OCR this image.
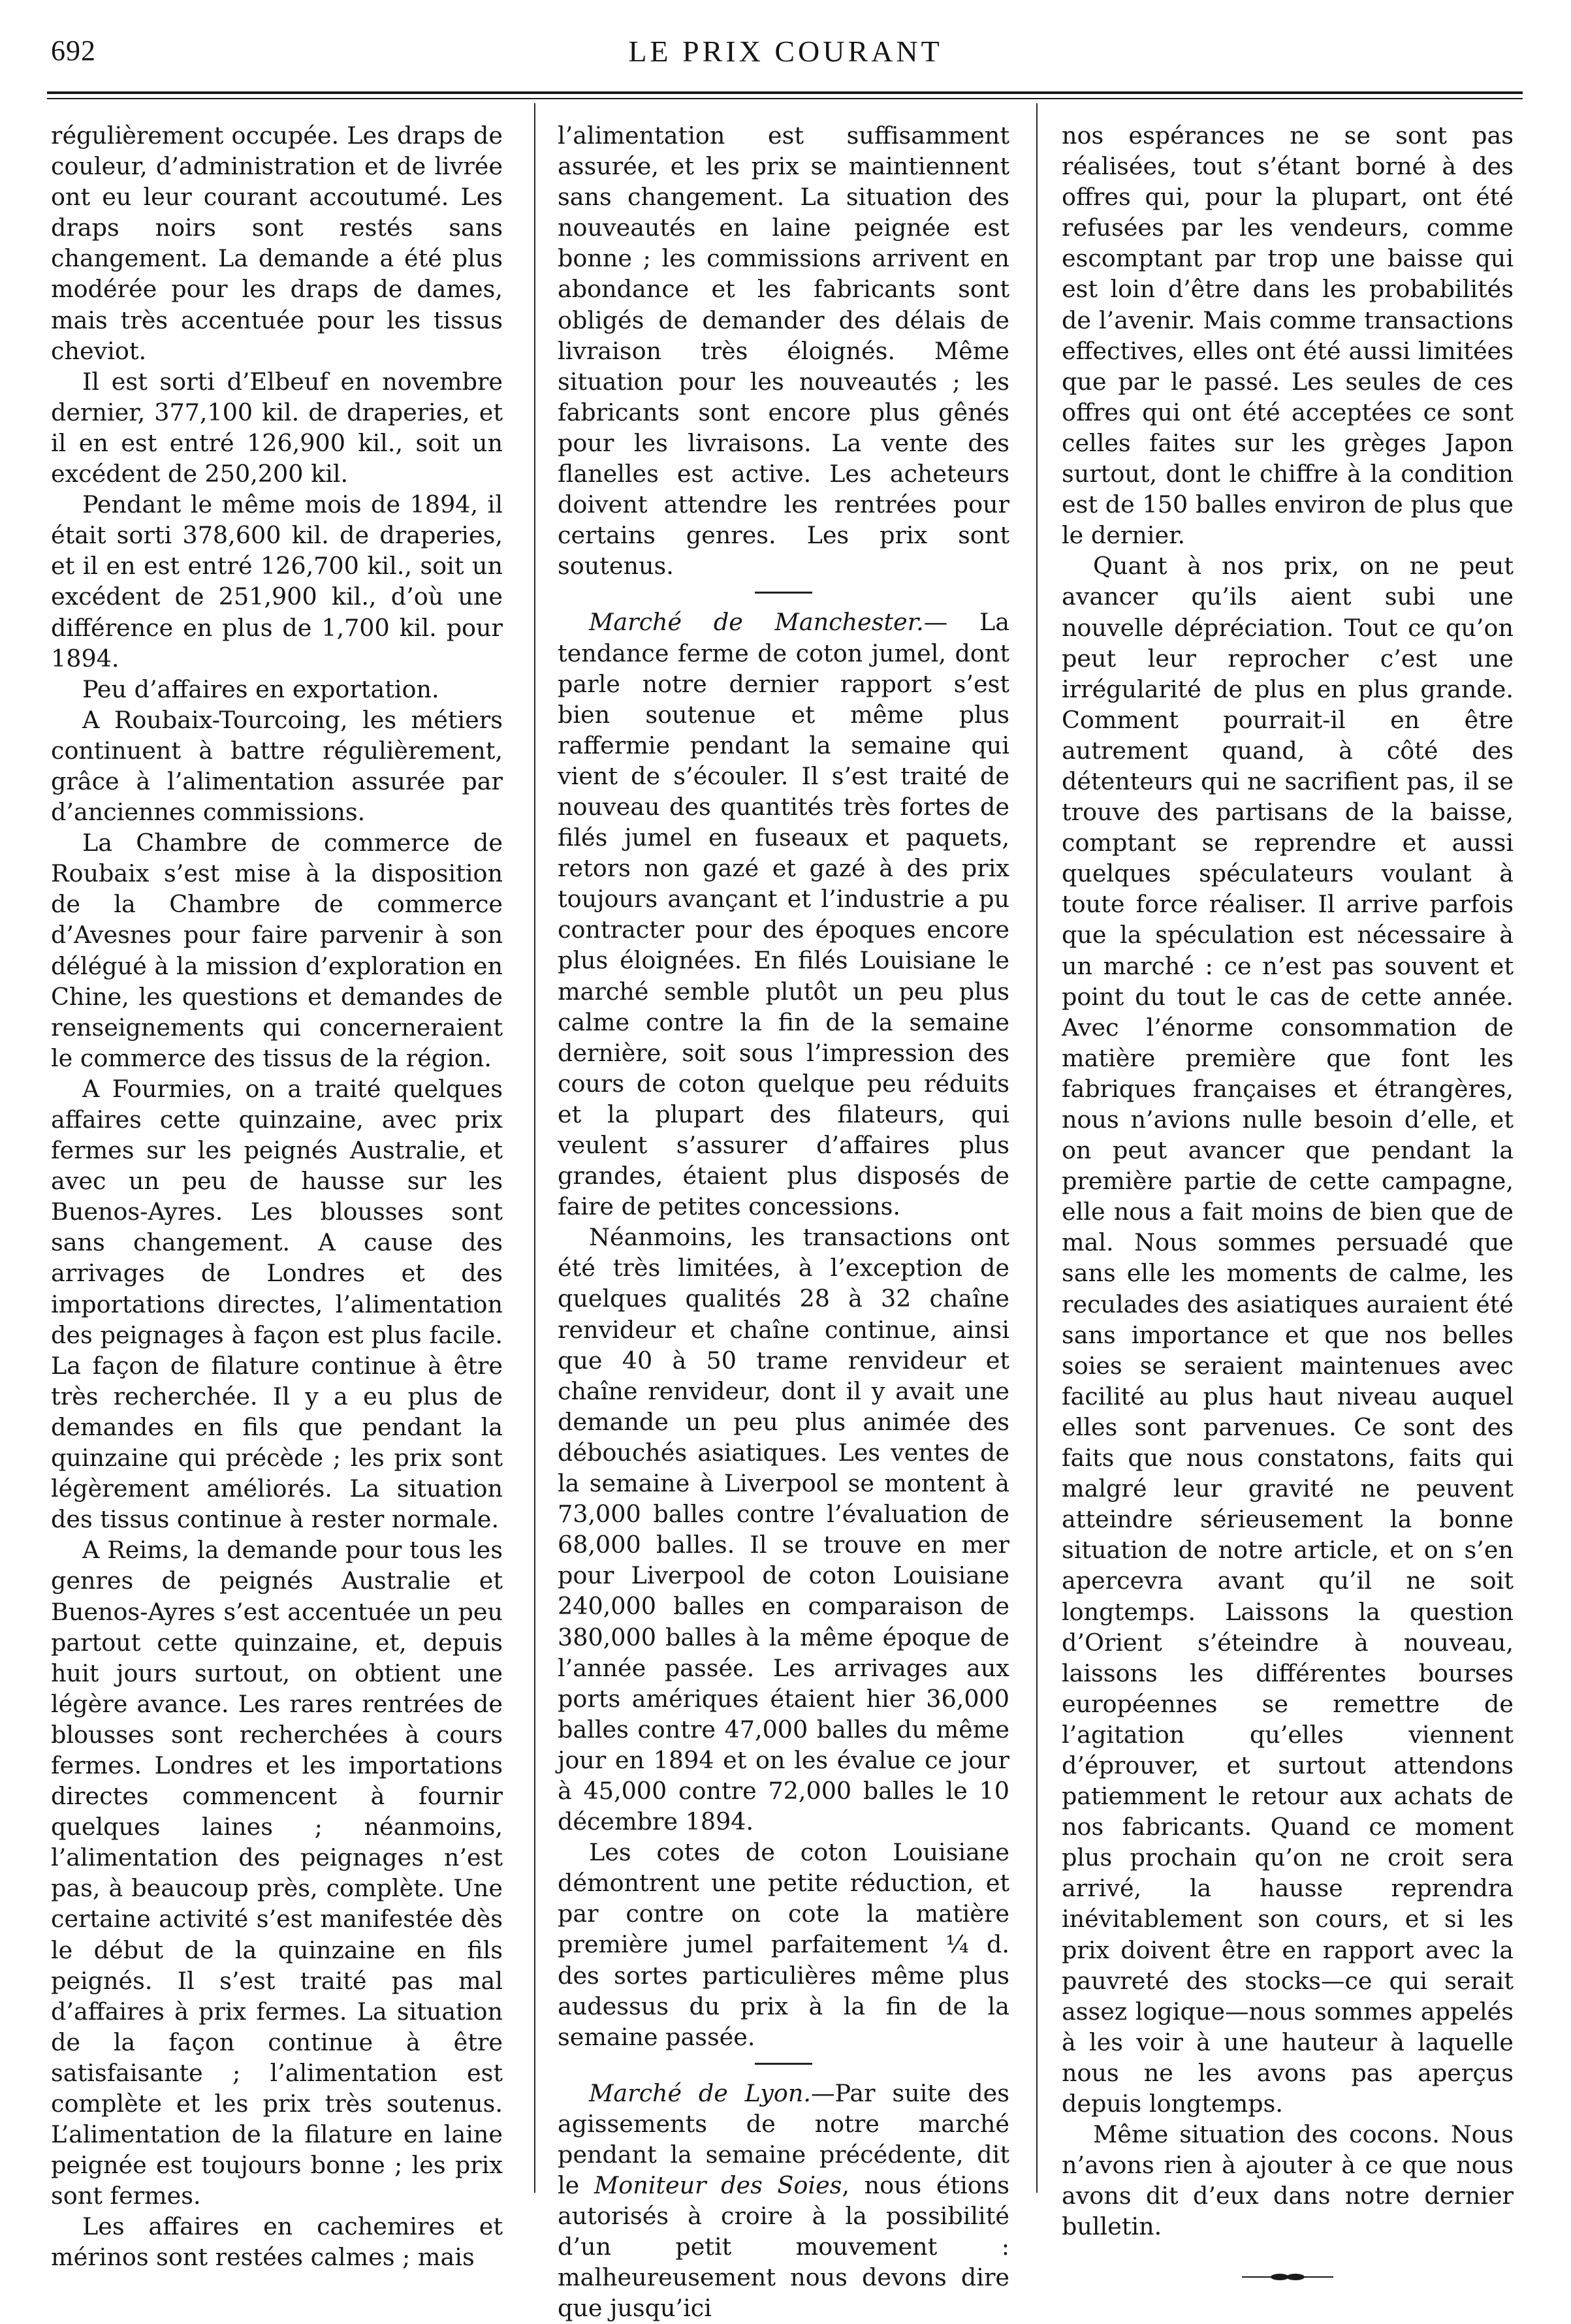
692	LE PRIX COURANT

régulièrement occupée. Les draps de couleur, d’administration et de livrée ont eu leur courant accoutumé. Les draps noirs sont restés sans changement. La demande a été plus modérée pour les draps de dames, mais très accentuée pour les tissus cheviot.

Il est sorti d’Elbeuf en novembre dernier, 377,100 kil. de draperies, et il en est entré 126,900 kil., soit un excédent de 250,200 kil.

Pendant le même mois de 1894, il était sorti 378,600 kil. de draperies, et il en est entré 126,700 kil., soit un excédent de 251,900 kil., d’où une différence en plus de 1,700 kil. pour 1894.

Peu d’affaires en exportation.

A Roubaix-Tourcoing, les métiers continuent à battre régulièrement, grâce à l’alimentation assurée par d’anciennes commissions.

La Chambre de commerce de Roubaix s’est mise à la disposition de la Chambre de commerce d’Avesnes pour faire parvenir à son délégué à la mission d’exploration en Chine, les questions et demandes de renseignements qui concerneraient le commerce des tissus de la région.

A Fourmies, on a traité quelques affaires cette quinzaine, avec prix fermes sur les peignés Australie, et avec un peu de hausse sur les Buenos-Ayres. Les blousses sont sans changement. A cause des arrivages de Londres et des importations directes, l’alimentation des peignages à façon est plus facile. La façon de filature continue à être très recherchée. Il y a eu plus de demandes en fils que pendant la quinzaine qui précède ; les prix sont légèrement améliorés. La situation des tissus continue à rester normale.

A Reims, la demande pour tous les genres de peignés Australie et Buenos-Ayres s’est accentuée un peu partout cette quinzaine, et, depuis huit jours surtout, on obtient une légère avance. Les rares rentrées de blousses sont recherchées à cours fermes. Londres et les importations directes commencent à fournir quelques laines ; néanmoins, l’alimentation des peignages n’est pas, à beaucoup près, complète. Une certaine activité s’est manifestée dès le début de la quinzaine en fils peignés. Il s’est traité pas mal d’affaires à prix fermes. La situation de la façon continue à être satisfaisante ; l’alimentation est complète et les prix très soutenus. L’alimentation de la filature en laine peignée est toujours bonne ; les prix sont fermes.

Les affaires en cachemires et mérinos sont restées calmes ; mais

l’alimentation est suffisamment assurée, et les prix se maintiennent sans changement. La situation des nouveautés en laine peignée est bonne ; les commissions arrivent en abondance et les fabricants sont obligés de demander des délais de livraison très éloignés. Même situation pour les nouveautés ; les fabricants sont encore plus gênés pour les livraisons. La vente des flanelles est active. Les acheteurs doivent attendre les rentrées pour certains genres. Les prix sont soutenus.

Marché de Manchester.— La tendance ferme de coton jumel, dont parle notre dernier rapport s’est bien soutenue et même plus raffermie pendant la semaine qui vient de s’écouler. Il s’est traité de nouveau des quantités très fortes de filés jumel en fuseaux et paquets, retors non gazé et gazé à des prix toujours avançant et l’industrie a pu contracter pour des époques encore plus éloignées. En filés Louisiane le marché semble plutôt un peu plus calme contre la fin de la semaine dernière, soit sous l’impression des cours de coton quelque peu réduits et la plupart des filateurs, qui veulent s’assurer d’affaires plus grandes, étaient plus disposés de faire de petites concessions.

Néanmoins, les transactions ont été très limitées, à l’exception de quelques qualités 28 à 32 chaîne renvideur et chaîne continue, ainsi que 40 à 50 trame renvideur et chaîne renvideur, dont il y avait une demande un peu plus animée des débouchés asiatiques. Les ventes de la semaine à Liverpool se montent à 73,000 balles contre l’évaluation de 68,000 balles. Il se trouve en mer pour Liverpool de coton Louisiane 240,000 balles en comparaison de 380,000 balles à la même époque de l’année passée. Les arrivages aux ports amériques étaient hier 36,000 balles contre 47,000 balles du même jour en 1894 et on les évalue ce jour à 45,000 contre 72,000 balles le 10 décembre 1894.

Les cotes de coton Louisiane démontrent une petite réduction, et par contre on cote la matière première jumel parfaitement ¼ d. des sortes particulières même plus audessus du prix à la fin de la semaine passée.

Marché de Lyon.—Par suite des agissements de notre marché pendant la semaine précédente, dit le Moniteur des Soies, nous étions autorisés à croire à la possibilité d’un petit mouvement : malheureusement nous devons dire que jusqu’ici

nos espérances ne se sont pas réalisées, tout s’étant borné à des offres qui, pour la plupart, ont été refusées par les vendeurs, comme escomptant par trop une baisse qui est loin d’être dans les probabilités de l’avenir. Mais comme transactions effectives, elles ont été aussi limitées que par le passé. Les seules de ces offres qui ont été acceptées ce sont celles faites sur les grèges Japon surtout, dont le chiffre à la condition est de 150 balles environ de plus que le dernier.

Quant à nos prix, on ne peut avancer qu’ils aient subi une nouvelle dépréciation. Tout ce qu’on peut leur reprocher c’est une irrégularité de plus en plus grande. Comment pourrait-il en être autrement quand, à côté des détenteurs qui ne sacrifient pas, il se trouve des partisans de la baisse, comptant se reprendre et aussi quelques spéculateurs voulant à toute force réaliser. Il arrive parfois que la spéculation est nécessaire à un marché : ce n’est pas souvent et point du tout le cas de cette année. Avec l’énorme consommation de matière première que font les fabriques françaises et étrangères, nous n’avions nulle besoin d’elle, et on peut avancer que pendant la première partie de cette campagne, elle nous a fait moins de bien que de mal. Nous sommes persuadé que sans elle les moments de calme, les reculades des asiatiques auraient été sans importance et que nos belles soies se seraient maintenues avec facilité au plus haut niveau auquel elles sont parvenues. Ce sont des faits que nous constatons, faits qui malgré leur gravité ne peuvent atteindre sérieusement la bonne situation de notre article, et on s’en apercevra avant qu’il ne soit longtemps. Laissons la question d’Orient s’éteindre à nouveau, laissons les différentes bourses européennes se remettre de l’agitation qu’elles viennent d’éprouver, et surtout attendons patiemment le retour aux achats de nos fabricants. Quand ce moment plus prochain qu’on ne croit sera arrivé, la hausse reprendra inévitablement son cours, et si les prix doivent être en rapport avec la pauvreté des stocks—ce qui serait assez logique—nous sommes appelés à les voir à une hauteur à laquelle nous ne les avons pas aperçus depuis longtemps.

Même situation des cocons. Nous n’avons rien à ajouter à ce que nous avons dit d’eux dans notre dernier bulletin.
